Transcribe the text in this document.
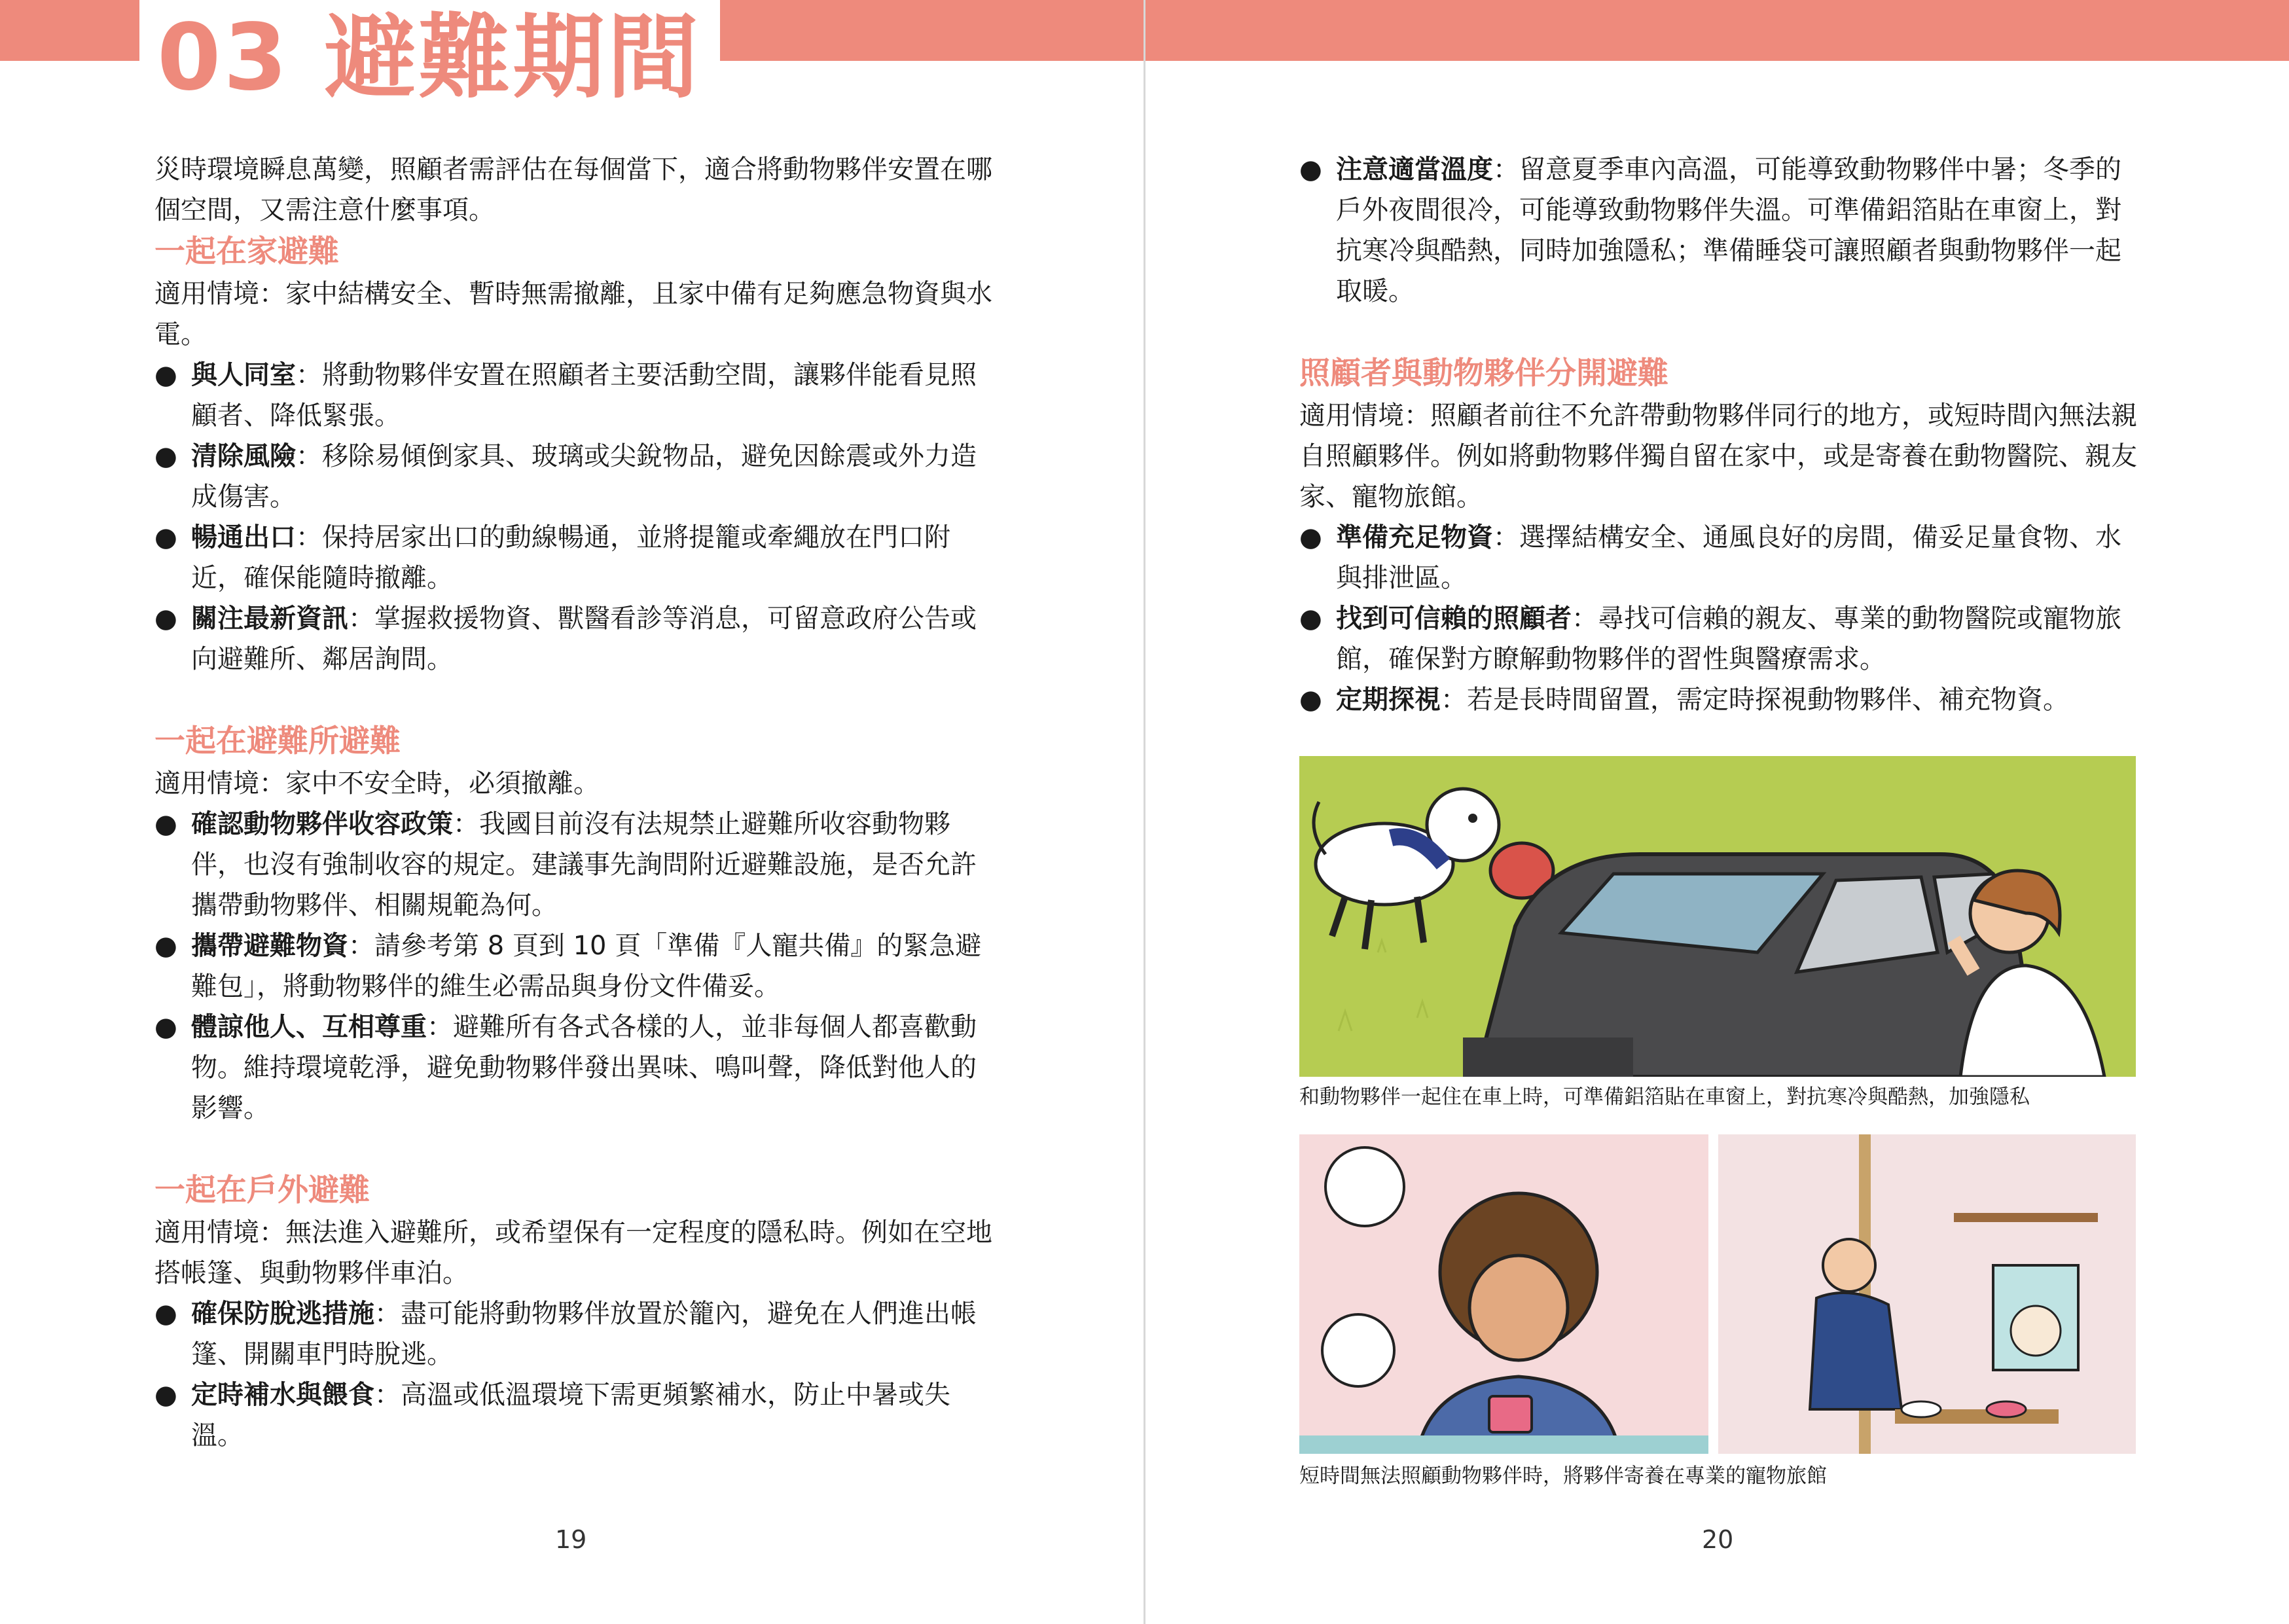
03 避難期間

災時環境瞬息萬變，照顧者需評估在每個當下，適合將動物夥伴安置在哪個空間，又需注意什麼事項。

一起在家避難

適用情境：家中結構安全、暫時無需撤離，且家中備有足夠應急物資與水電。

● 與人同室：將動物夥伴安置在照顧者主要活動空間，讓夥伴能看見照顧者、降低緊張。
● 清除風險：移除易傾倒家具、玻璃或尖銳物品，避免因餘震或外力造成傷害。
● 暢通出口：保持居家出口的動線暢通，並將提籠或牽繩放在門口附近，確保能隨時撤離。
● 關注最新資訊：掌握救援物資、獸醫看診等消息，可留意政府公告或向避難所、鄰居詢問。
一起在避難所避難

適用情境：家中不安全時，必須撤離。

● 確認動物夥伴收容政策：我國目前沒有法規禁止避難所收容動物夥伴，也沒有強制收容的規定。建議事先詢問附近避難設施，是否允許攜帶動物夥伴、相關規範為何。
● 攜帶避難物資：請參考第 8 頁到 10 頁「準備『人寵共備』的緊急避難包」，將動物夥伴的維生必需品與身份文件備妥。
● 體諒他人、互相尊重：避難所有各式各樣的人，並非每個人都喜歡動物。維持環境乾淨，避免動物夥伴發出異味、鳴叫聲，降低對他人的影響。
一起在戶外避難

適用情境：無法進入避難所，或希望保有一定程度的隱私時。例如在空地搭帳篷、與動物夥伴車泊。

● 確保防脫逃措施：盡可能將動物夥伴放置於籠內，避免在人們進出帳篷、開關車門時脫逃。
● 定時補水與餵食：高溫或低溫環境下需更頻繁補水，防止中暑或失溫。
19
● 注意適當溫度：留意夏季車內高溫，可能導致動物夥伴中暑；冬季的戶外夜間很冷，可能導致動物夥伴失溫。可準備鋁箔貼在車窗上，對抗寒冷與酷熱，同時加強隱私；準備睡袋可讓照顧者與動物夥伴一起取暖。
照顧者與動物夥伴分開避難

適用情境：照顧者前往不允許帶動物夥伴同行的地方，或短時間內無法親自照顧夥伴。例如將動物夥伴獨自留在家中，或是寄養在動物醫院、親友家、寵物旅館。

● 準備充足物資：選擇結構安全、通風良好的房間，備妥足量食物、水與排泄區。
● 找到可信賴的照顧者：尋找可信賴的親友、專業的動物醫院或寵物旅館，確保對方瞭解動物夥伴的習性與醫療需求。
● 定期探視：若是長時間留置，需定時探視動物夥伴、補充物資。
和動物夥伴一起住在車上時，可準備鋁箔貼在車窗上，對抗寒冷與酷熱，加強隱私
短時間無法照顧動物夥伴時，將夥伴寄養在專業的寵物旅館
20
